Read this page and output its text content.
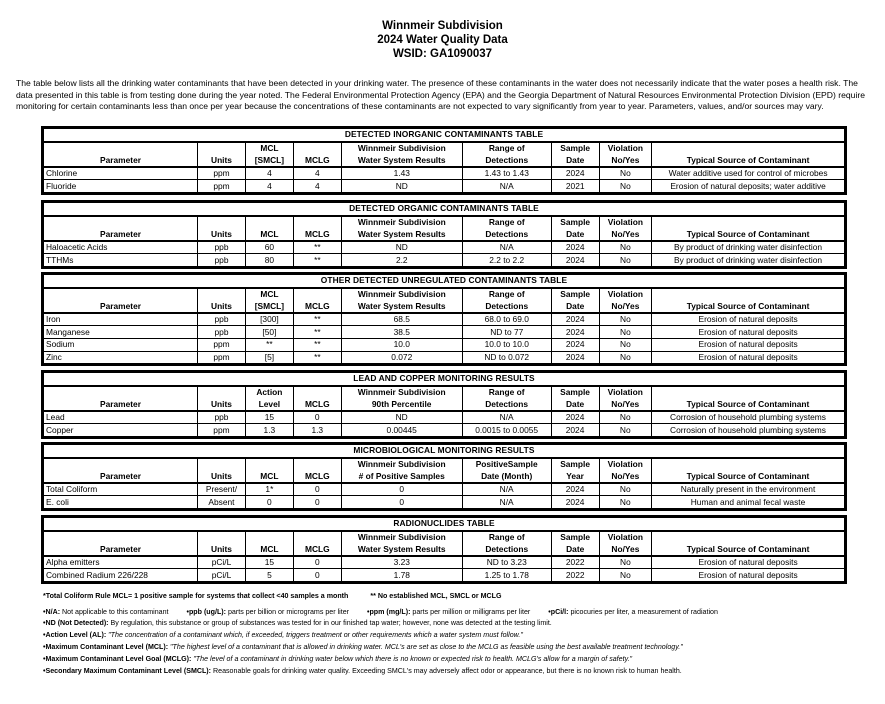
Winnmeir Subdivision
2024 Water Quality Data
WSID: GA1090037
The table below lists all the drinking water contaminants that have been detected in your drinking water. The presence of these contaminants in the water does not necessarily indicate that the water poses a health risk. The data presented in this table is from testing done during the year noted. The Federal Environmental Protection Agency (EPA) and the Georgia Department of Natural Resources Environmental Protection Division (EPD) require monitoring for certain contaminants less than once per year because the concentrations of these contaminants are not expected to vary significantly from year to year. Parameters, values, and/or sources may vary.
DETECTED INORGANIC CONTAMINANTS TABLE								
		MCL		Winnmeir Subdivision	Range of	Sample	Violation	
Parameter	Units	[SMCL]	MCLG	Water System Results	Detections	Date	No/Yes	Typical Source of Contaminant
Chlorine	ppm	4	4	1.43	1.43 to 1.43	2024	No	Water additive used for control of microbes
Fluoride	ppm	4	4	ND	N/A	2021	No	Erosion of natural deposits; water additive
DETECTED ORGANIC CONTAMINANTS TABLE								
				Winnmeir Subdivision	Range of	Sample	Violation	
Parameter	Units	MCL	MCLG	Water System Results	Detections	Date	No/Yes	Typical Source of Contaminant
Haloacetic Acids	ppb	60	**	ND	N/A	2024	No	By product of drinking water disinfection
TTHMs	ppb	80	**	2.2	2.2 to 2.2	2024	No	By product of drinking water disinfection
OTHER DETECTED UNREGULATED CONTAMINANTS TABLE								
		MCL		Winnmeir Subdivision	Range of	Sample	Violation	
Parameter	Units	[SMCL]	MCLG	Water System Results	Detections	Date	No/Yes	Typical Source of Contaminant
Iron	ppb	[300]	**	68.5	68.0 to 69.0	2024	No	Erosion of natural deposits
Manganese	ppb	[50]	**	38.5	ND to 77	2024	No	Erosion of natural deposits
Sodium	ppm	**	**	10.0	10.0 to 10.0	2024	No	Erosion of natural deposits
Zinc	ppm	[5]	**	0.072	ND to 0.072	2024	No	Erosion of natural deposits
LEAD AND COPPER MONITORING RESULTS								
		Action		Winnmeir Subdivision	Range of	Sample	Violation	
Parameter	Units	Level	MCLG	90th Percentile	Detections	Date	No/Yes	Typical Source of Contaminant
Lead	ppb	15	0	ND	N/A	2024	No	Corrosion of household plumbing systems
Copper	ppm	1.3	1.3	0.00445	0.0015 to 0.0055	2024	No	Corrosion of household plumbing systems
MICROBIOLOGICAL MONITORING RESULTS								
				Winnmeir Subdivision	PositiveSample	Sample	Violation	
Parameter	Units	MCL	MCLG	# of Positive Samples	Date (Month)	Year	No/Yes	Typical Source of Contaminant
Total Coliform	Present/	1*	0	0	N/A	2024	No	Naturally present in the environment
E. coli	Absent	0	0	0	N/A	2024	No	Human and animal fecal waste
RADIONUCLIDES TABLE								
				Winnmeir Subdivision	Range of	Sample	Violation	
Parameter	Units	MCL	MCLG	Water System Results	Detections	Date	No/Yes	Typical Source of Contaminant
Alpha emitters	pCi/L	15	0	3.23	ND to 3.23	2022	No	Erosion of natural deposits
Combined Radium 226/228	pCi/L	5	0	1.78	1.25 to 1.78	2022	No	Erosion of natural deposits
*Total Coliform Rule MCL= 1 positive sample for systems that collect <40 samples a month	** No established MCL, SMCL or MCLG
•N/A: Not applicable to this contaminant	•ppb (ug/L): parts per billion or micrograms per liter	•ppm (mg/L): parts per million or milligrams per liter	•pCi/l: picocuries per liter, a measurement of radiation
•ND (Not Detected): By regulation, this substance or group of substances was tested for in our finished tap water; however, none was detected at the testing limit.
•Action Level (AL): "The concentration of a contaminant which, if exceeded, triggers treatment or other requirements which a water system must follow."
•Maximum Contaminant Level (MCL): "The highest level of a contaminant that is allowed in drinking water. MCL's are set as close to the MCLG as feasible using the best available treatment technology."
•Maximum Contaminant Level Goal (MCLG): "The level of a contaminant in drinking water below which there is no known or expected risk to health. MCLG's allow for a margin of safety."
•Secondary Maximum Contaminant Level (SMCL): Reasonable goals for drinking water quality. Exceeding SMCL's may adversely affect odor or appearance, but there is no known risk to human health.
